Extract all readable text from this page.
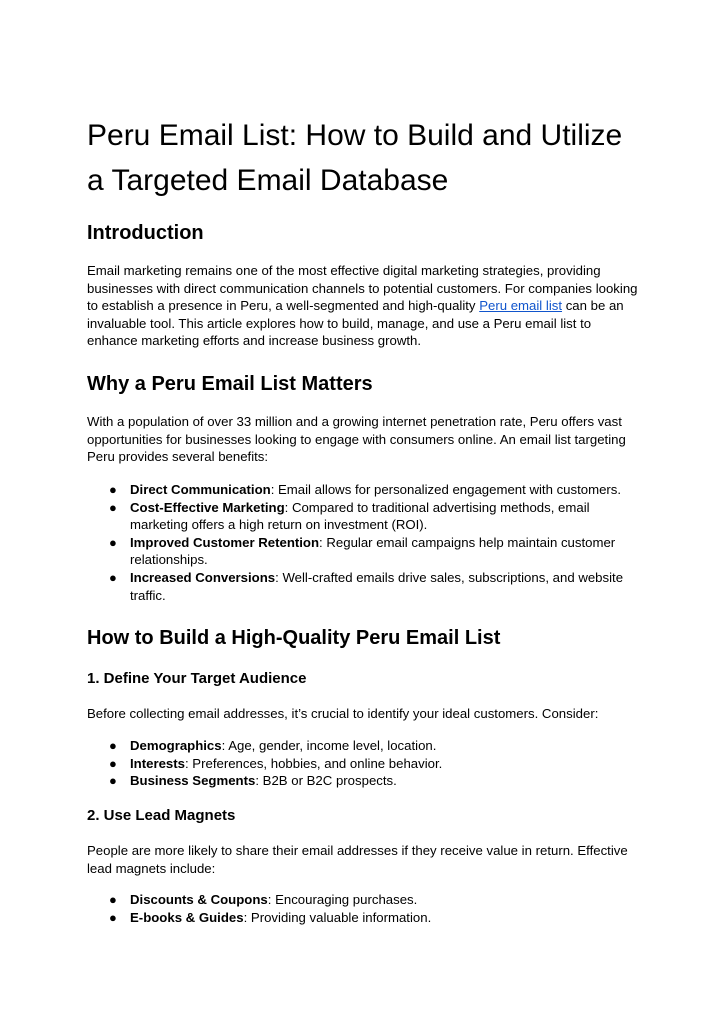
Peru Email List: How to Build and Utilize a Targeted Email Database
Introduction

Email marketing remains one of the most effective digital marketing strategies, providing businesses with direct communication channels to potential customers. For companies looking to establish a presence in Peru, a well-segmented and high-quality Peru email list can be an invaluable tool. This article explores how to build, manage, and use a Peru email list to enhance marketing efforts and increase business growth.

Why a Peru Email List Matters

With a population of over 33 million and a growing internet penetration rate, Peru offers vast opportunities for businesses looking to engage with consumers online. An email list targeting Peru provides several benefits:

● Direct Communication: Email allows for personalized engagement with customers.
● Cost-Effective Marketing: Compared to traditional advertising methods, email marketing offers a high return on investment (ROI).
● Improved Customer Retention: Regular email campaigns help maintain customer relationships.
● Increased Conversions: Well-crafted emails drive sales, subscriptions, and website traffic.
How to Build a High-Quality Peru Email List
1. Define Your Target Audience

Before collecting email addresses, it’s crucial to identify your ideal customers. Consider:

● Demographics: Age, gender, income level, location.
● Interests: Preferences, hobbies, and online behavior.
● Business Segments: B2B or B2C prospects.
2. Use Lead Magnets

People are more likely to share their email addresses if they receive value in return. Effective lead magnets include:

● Discounts & Coupons: Encouraging purchases.
● E-books & Guides: Providing valuable information.
